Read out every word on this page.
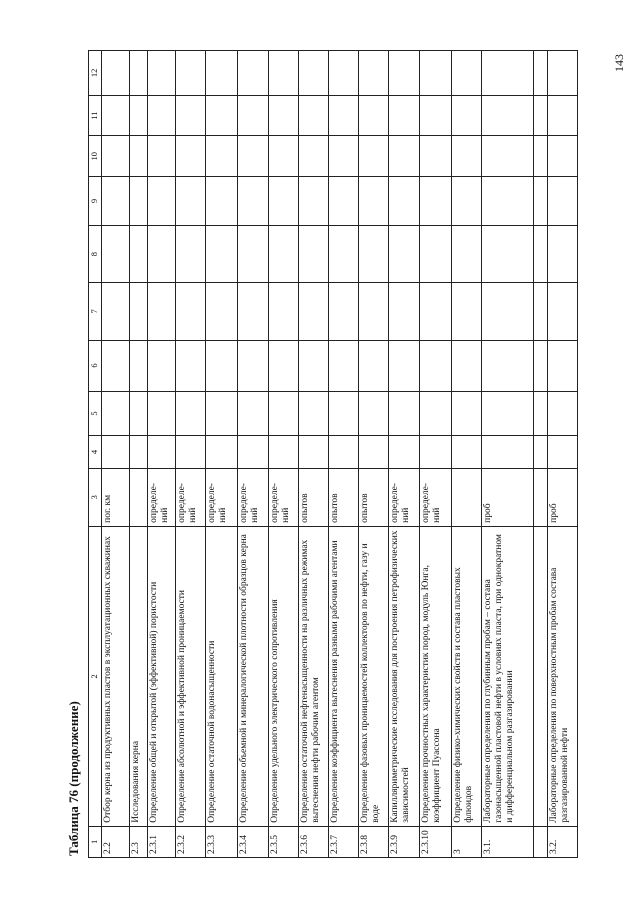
143
Таблица 76 (продолжение) 1	2	3	4	5	6	7	8	9	10	11	12
2.2	Отбор керна из продуктивных пластов в эксплуатационных скважинах	пог. км									
2.3	Исследования керна										
2.3.1	Определение общей и открытой (эффективной) пористости	определе-ний									
2.3.2	Определение абсолютной и эффективной проницаемости	определе-ний									
2.3.3	Определение остаточной водонасыщенности	определе-ний									
2.3.4	Определение объемной и минералогической плотности образцов керна	определе-ний									
2.3.5	Определение удельного электрического сопротивления	определе-ний									
2.3.6	Определение остаточной нефтенасыщенности на различных режимах вытеснения нефти рабочим агентом	опытов									
2.3.7	Определение коэффициента вытеснения разными рабочими агентами	опытов									
2.3.8	Определение фазовых проницаемостей коллекторов по нефти, газу и воде	опытов									
2.3.9	Капилляриметрические исследования для построения петрофизических зависимостей	определе-ний									
2.3.10	Определение прочностных характеристик пород, модуль Юнга, коэффициент Пуассона	определе-ний									
3	Определение физико-химических свойств и состава пластовых флюидов										
3.1.	Лабораторные определения по глубинным пробам – состава газонасыщенной пластовой нефти в условиях пласта, при однократном и дифференциальном разгазировании	проб									

3.2.	Лабораторные определения по поверхностным пробам состава разгазированной нефти	проб									
